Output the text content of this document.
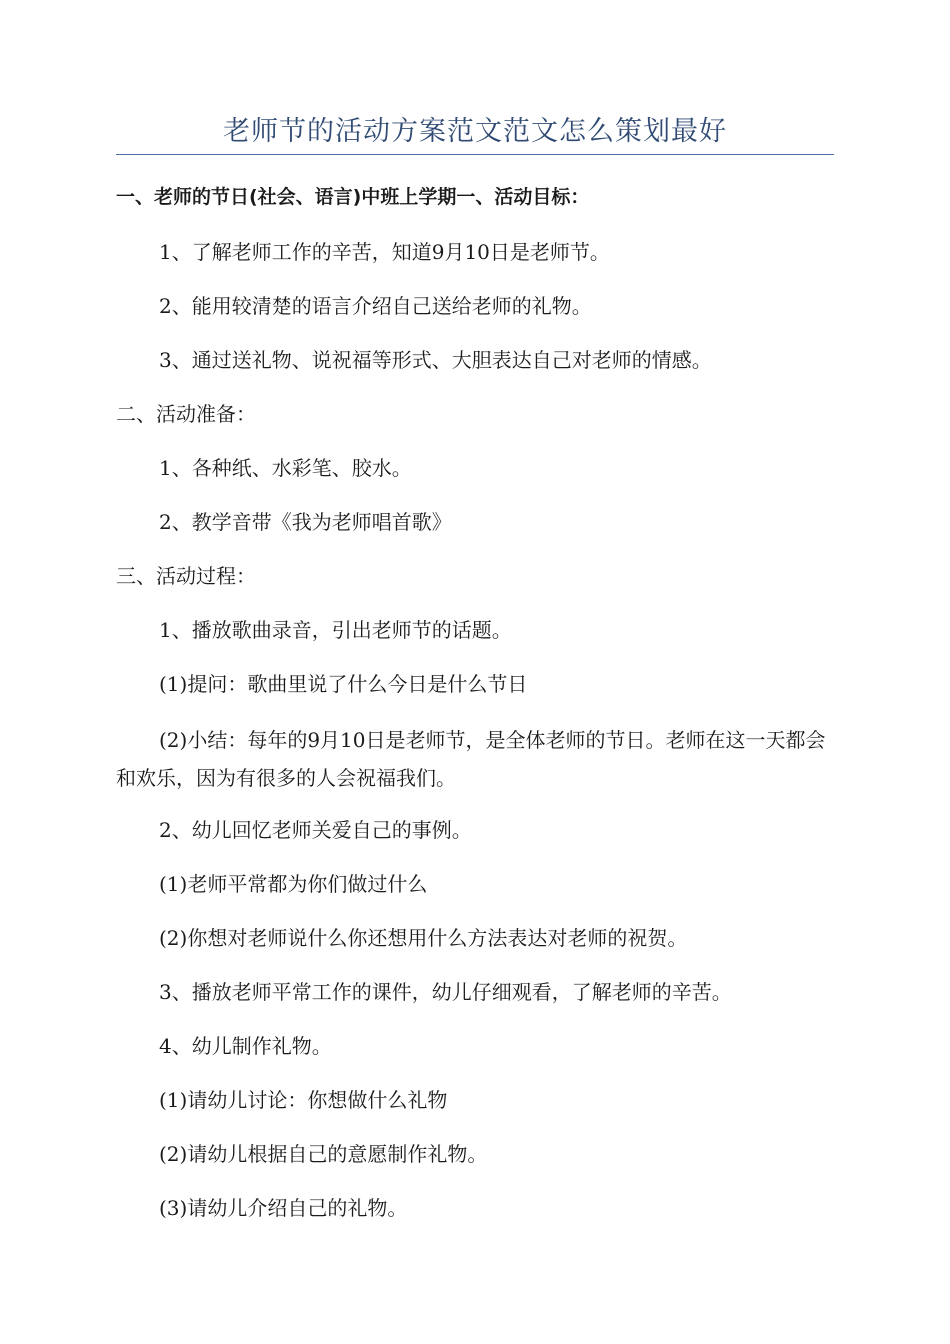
老师节的活动方案范文范文怎么策划最好
一、老师的节日(社会、语言)中班上学期一、活动目标：
1、了解老师工作的辛苦，知道9月10日是老师节。
2、能用较清楚的语言介绍自己送给老师的礼物。
3、通过送礼物、说祝福等形式、大胆表达自己对老师的情感。
二、活动准备：
1、各种纸、水彩笔、胶水。
2、教学音带《我为老师唱首歌》
三、活动过程：
1、播放歌曲录音，引出老师节的话题。
(1)提问：歌曲里说了什么今日是什么节日
(2)小结：每年的9月10日是老师节，是全体老师的节日。老师在这一天都会和欢乐，因为有很多的人会祝福我们。
2、幼儿回忆老师关爱自己的事例。
(1)老师平常都为你们做过什么
(2)你想对老师说什么你还想用什么方法表达对老师的祝贺。
3、播放老师平常工作的课件，幼儿仔细观看，了解老师的辛苦。
4、幼儿制作礼物。
(1)请幼儿讨论：你想做什么礼物
(2)请幼儿根据自己的意愿制作礼物。
(3)请幼儿介绍自己的礼物。
